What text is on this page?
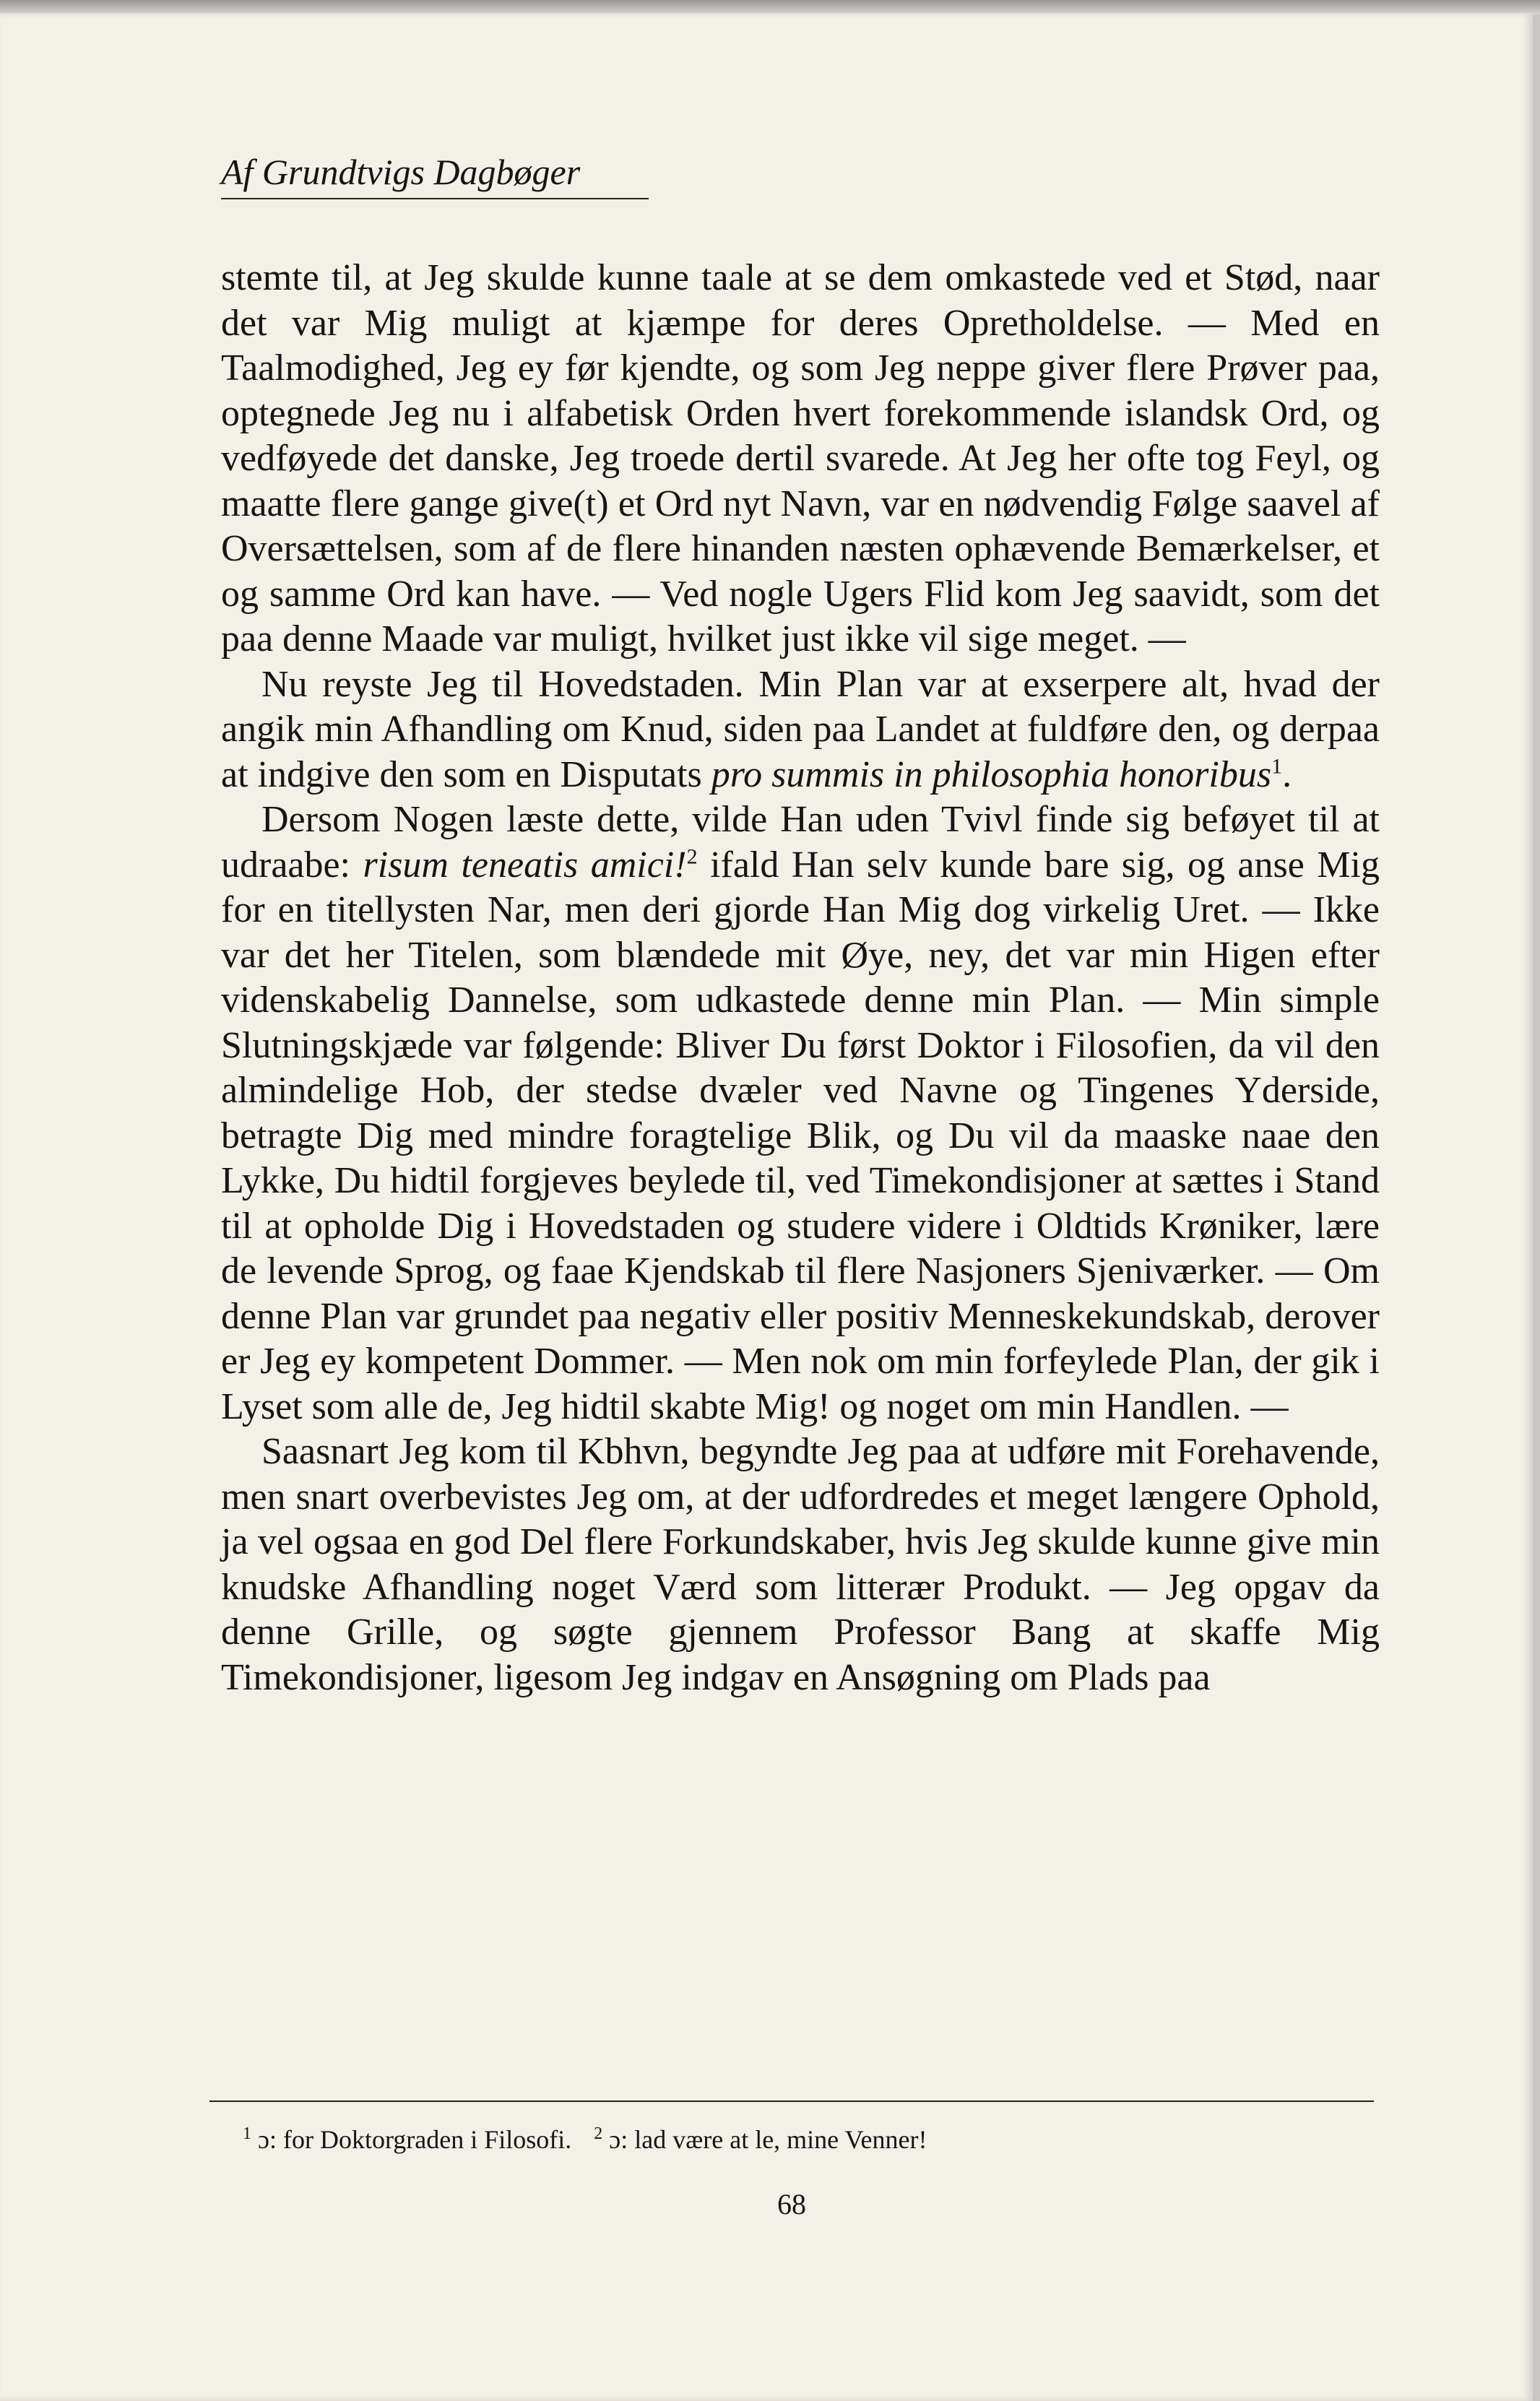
Af Grundtvigs Dagbøger

stemte til, at Jeg skulde kunne taale at se dem omkastede ved et Stød, naar det var Mig muligt at kjæmpe for deres Opretholdelse. — Med en Taalmodighed, Jeg ey før kjendte, og som Jeg neppe giver flere Prøver paa, optegnede Jeg nu i alfabetisk Orden hvert forekommende islandsk Ord, og vedføyede det danske, Jeg troede dertil svarede. At Jeg her ofte tog Feyl, og maatte flere gange give(t) et Ord nyt Navn, var en nødvendig Følge saavel af Oversættelsen, som af de flere hinanden næsten ophævende Bemærkelser, et og samme Ord kan have. — Ved nogle Ugers Flid kom Jeg saavidt, som det paa denne Maade var muligt, hvilket just ikke vil sige meget. —

Nu reyste Jeg til Hovedstaden. Min Plan var at exserpere alt, hvad der angik min Afhandling om Knud, siden paa Landet at fuldføre den, og derpaa at indgive den som en Disputats pro summis in philosophia honoribus$^1$.

Dersom Nogen læste dette, vilde Han uden Tvivl finde sig beføyet til at udraabe: risum teneatis amici!$^2$ ifald Han selv kunde bare sig, og anse Mig for en titellysten Nar, men deri gjorde Han Mig dog virkelig Uret. — Ikke var det her Titelen, som blændede mit Øye, ney, det var min Higen efter videnskabelig Dannelse, som udkastede denne min Plan. — Min simple Slutningskjæde var følgende: Bliver Du først Doktor i Filosofien, da vil den almindelige Hob, der stedse dvæler ved Navne og Tingenes Yderside, betragte Dig med mindre foragtelige Blik, og Du vil da maaske naae den Lykke, Du hidtil forgjeves beylede til, ved Timekondisjoner at sættes i Stand til at opholde Dig i Hovedstaden og studere videre i Oldtids Krøniker, lære de levende Sprog, og faae Kjendskab til flere Nasjoners Sjeniværker. — Om denne Plan var grundet paa negativ eller positiv Menneskekundskab, derover er Jeg ey kompetent Dommer. — Men nok om min forfeylede Plan, der gik i Lyset som alle de, Jeg hidtil skabte Mig! og noget om min Handlen. —

Saasnart Jeg kom til Kbhvn, begyndte Jeg paa at udføre mit Forehavende, men snart overbevistes Jeg om, at der udfordredes et meget længere Ophold, ja vel ogsaa en god Del flere Forkundskaber, hvis Jeg skulde kunne give min knudske Afhandling noget Værd som litterær Produkt. — Jeg opgav da denne Grille, og søgte gjennem Professor Bang at skaffe Mig Timekondisjoner, ligesom Jeg indgav en Ansøgning om Plads paa

$^1$ ɔ: for Doktorgraden i Filosofi. $^2$ ɔ: lad være at le, mine Venner!
68
